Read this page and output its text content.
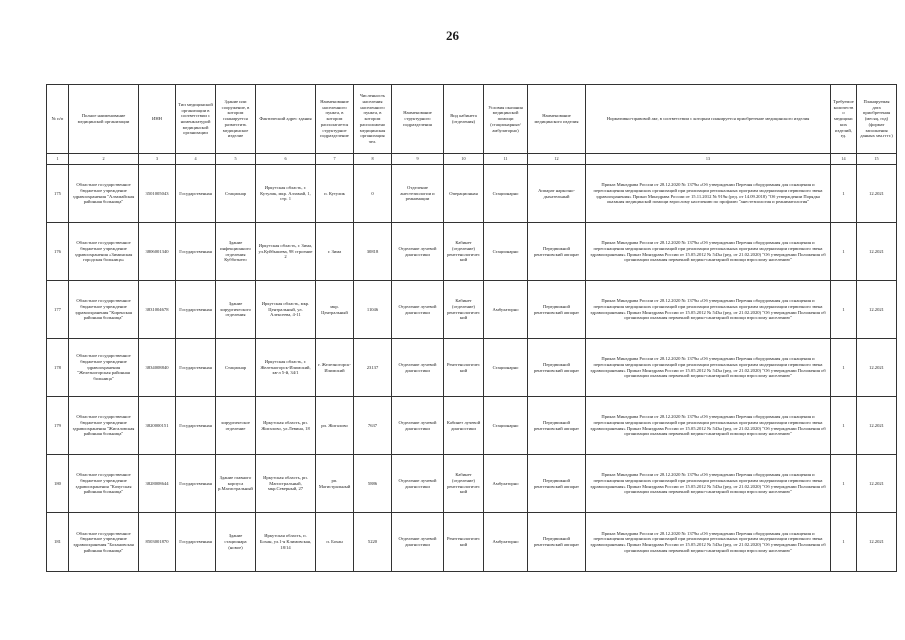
26
№ п/п	Полное наименование медицинской организации	ИНН	Тип медицинской организации в соответствии с номенклатурой медицинской организации	Здание или сооружение, в котором планируется разместить медицинское изделие	Фактический адрес здания	Наименование населенного пункта, в котором располагается структурное подразделение	Численность населения населенного пункта, в котором расположено медицинская организация чел.	Наименование структурного подразделения	Вид кабинета (отделения)	Условия оказания медицинской помощи (стационарные/амбулаторно)	Наименование медицинского изделия	Нормативно-правовой акт, в соответствии с которым планируется приобретение медицинского изделия	Требуемое количество медицинских изделий, ед.	Планируемая дата приобретения (месяц, год) (формат заполнения данных мм.гггг.)
1	2	3	4	5	6	7	8	9	10	11	12	13	14	15
175	Областное государственное бюджетное учреждение здравоохранения "Алзамайская районная больница"	3501005043	Государственная	Стационар	Иркутская область, г. Кутулик, мкр. Алзамай, 1, стр. 1	п. Кутулик	0	Отделение анестезиологии и реанимации	Операционная	Стационарно	Аппарат наркозно-дыхательный	Приказ Минздрава России от 28.12.2020 № 1379н «Об утверждении Перечня оборудования для оснащения и переоснащения медицинских организаций при реализации региональных программ модернизации первичного звена здравоохранения» Приказ Минздрава России от 15.11.2012 № 919н (ред. от 14.09.2018) "Об утверждении Порядка оказания медицинской помощи взрослому населению по профилю "анестезиология и реаниматология"	1	12.2021
176	Областное государственное бюджетное учреждение здравоохранения «Зиминская городская больница»	3806001340	Государственная	Здание инфекционного отделения Кубботнего	Иркутская область, г. Зима, ул.Куйбышева, 98 строение 2	г. Зима	30818	Отделение лучевой диагностики	Кабинет (отделение) рентгенологический	Стационарно	Передвижной рентгеновский аппарат	Приказ Минздрава России от 28.12.2020 № 1379н «Об утверждении Перечня оборудования для оснащения и переоснащения медицинских организаций при реализации региональных программ модернизации первичного звена здравоохранения» Приказ Минздрава России от 15.05.2012 № 543н (ред. от 21.02.2020) "Об утверждении Положения об организации оказания первичной медико-санитарной помощи взрослому населению"	1	12.2021
177	Областное государственное бюджетное учреждение здравоохранения "Киренская районная больница"	3831004678	Государственная	Здание хирургического отделения	Иркутская область, мкр. Центральный, ул. Алексеева, 4-11	мкр. Центральный	11046	Отделение лучевой диагностики	Кабинет (отделение) рентгенологический	Амбулаторно	Передвижной рентгеновский аппарат	Приказ Минздрава России от 28.12.2020 № 1379н «Об утверждении Перечня оборудования для оснащения и переоснащения медицинских организаций при реализации региональных программ модернизации первичного звена здравоохранения» Приказ Минздрава России от 15.05.2012 № 543н (ред. от 21.02.2020) "Об утверждении Положения об организации оказания первичной медико-санитарной помощи взрослому населению"	1	12.2021
178	Областное государственное бюджетное учреждение здравоохранения "Железногорская районная больница"	3834008840	Государственная	Стационар	Иркутская область, г. Железногорск-Илимский, кв-л 5-й, 34/1	г. Железногорск-Илимский	23137	Отделение лучевой диагностики	Рентгенологический	Стационарно	Передвижной рентгеновский аппарат	Приказ Минздрава России от 28.12.2020 № 1379н «Об утверждении Перечня оборудования для оснащения и переоснащения медицинских организаций при реализации региональных программ модернизации первичного звена здравоохранения» Приказ Минздрава России от 15.05.2012 № 543н (ред. от 21.02.2020) "Об утверждении Положения об организации оказания первичной медико-санитарной помощи взрослому населению"	1	12.2021
179	Областное государственное бюджетное учреждение здравоохранения "Жигаловская районная больница"	3820000151	Государственная	хирургическое отделение	Иркутская область, рп. Жигалово, ул.Левина, 18	рп. Жигалово	7637	Отделение лучевой диагностики	Кабинет лучевой диагностики	Стационарно	Передвижной рентгеновский аппарат	Приказ Минздрава России от 28.12.2020 № 1379н «Об утверждении Перечня оборудования для оснащения и переоснащения медицинских организаций при реализации региональных программ модернизации первичного звена здравоохранения» Приказ Минздрава России от 15.05.2012 № 543н (ред. от 21.02.2020) "Об утверждении Положения об организации оказания первичной медико-санитарной помощи взрослому населению"	1	12.2021
180	Областное государственное бюджетное учреждение здравоохранения "Качугская районная больница"	3828008644	Государственная	Здание главного корпуса р.Магистральный	Иркутская область, рп. Магистральный, мкр.Северный, 27	рп. Магистральный	5886	Отделение лучевой диагностики	Кабинет (отделение) рентгенологический	Амбулаторно	Передвижной рентгеновский аппарат	Приказ Минздрава России от 28.12.2020 № 1379н «Об утверждении Перечня оборудования для оснащения и переоснащения медицинских организаций при реализации региональных программ модернизации первичного звена здравоохранения» Приказ Минздрава России от 15.05.2012 № 543н (ред. от 21.02.2020) "Об утверждении Положения об организации оказания первичной медико-санитарной помощи взрослому населению"	1	12.2021
181	Областное государственное бюджетное учреждение здравоохранения "Бохановская районная больница"	8503001870	Государственная	Здание стационара (новое)	Иркутская область, п. Бохан, ул.1-я Климовская, 18/14	п. Бохан	5220	Отделение лучевой диагностики	Рентгенологический	Амбулаторно	Передвижной рентгеновский аппарат	Приказ Минздрава России от 28.12.2020 № 1379н «Об утверждении Перечня оборудования для оснащения и переоснащения медицинских организаций при реализации региональных программ модернизации первичного звена здравоохранения» Приказ Минздрава России от 15.05.2012 № 543н (ред. от 21.02.2020) "Об утверждении Положения об организации оказания первичной медико-санитарной помощи взрослому населению"	1	12.2021
